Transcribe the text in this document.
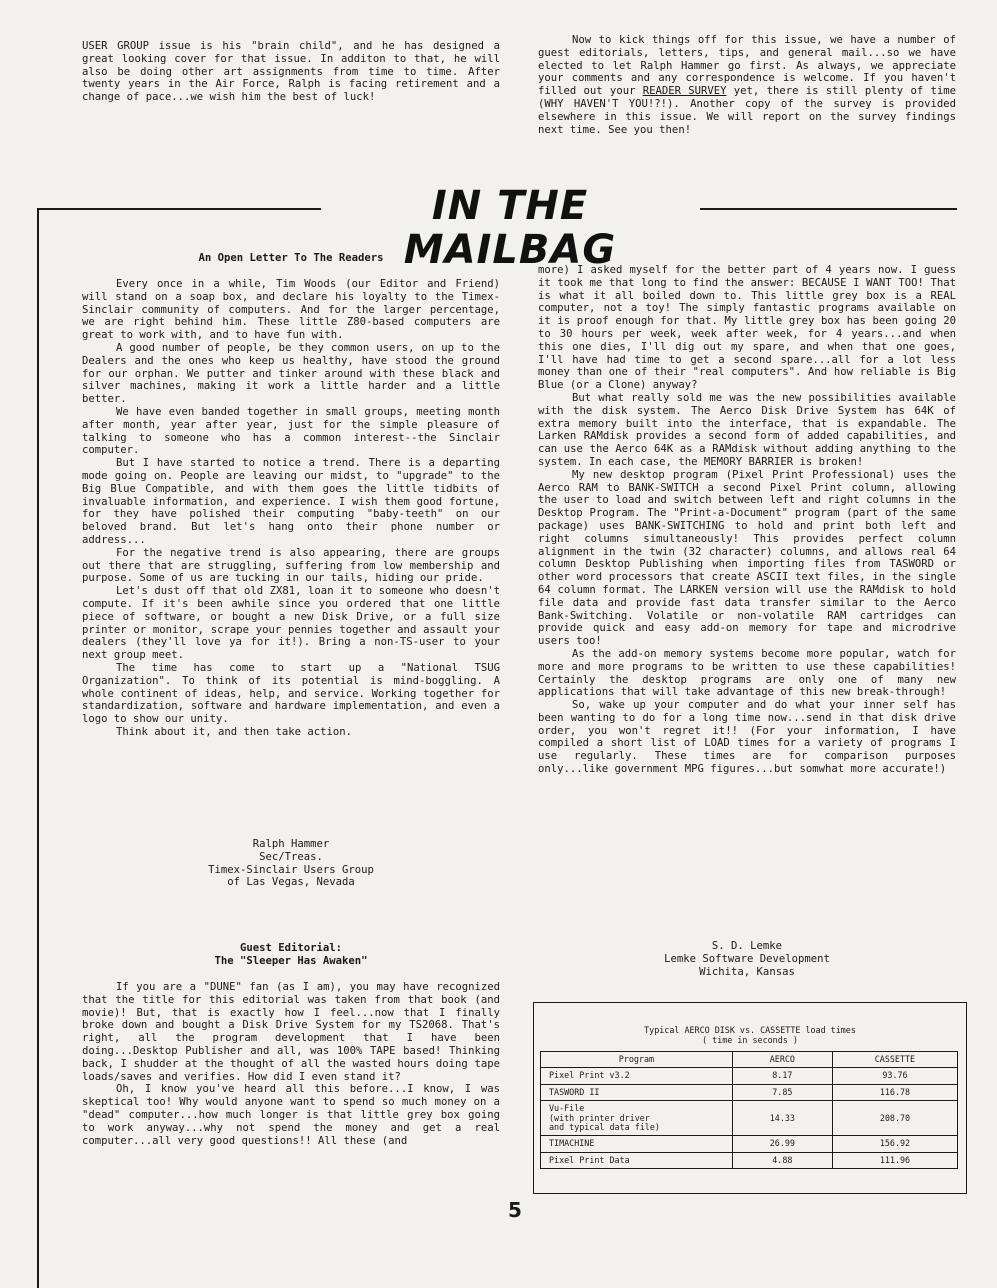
USER GROUP issue is his "brain child", and he has designed a great looking cover for that issue. In additon to that, he will also be doing other art assignments from time to time. After twenty years in the Air Force, Ralph is facing retirement and a change of pace...we wish him the best of luck!

Now to kick things off for this issue, we have a number of guest editorials, letters, tips, and general mail...so we have elected to let Ralph Hammer go first. As always, we appreciate your comments and any correspondence is welcome. If you haven't filled out your READER SURVEY yet, there is still plenty of time (WHY HAVEN'T YOU!?!). Another copy of the survey is provided elsewhere in this issue. We will report on the survey findings next time. See you then!

IN THE MAILBAG
An Open Letter To The Readers

Every once in a while, Tim Woods (our Editor and Friend) will stand on a soap box, and declare his loyalty to the Timex-Sinclair community of computers. And for the larger percentage, we are right behind him. These little Z80-based computers are great to work with, and to have fun with.

A good number of people, be they common users, on up to the Dealers and the ones who keep us healthy, have stood the ground for our orphan. We putter and tinker around with these black and silver machines, making it work a little harder and a little better.

We have even banded together in small groups, meeting month after month, year after year, just for the simple pleasure of talking to someone who has a common interest--the Sinclair computer.

But I have started to notice a trend. There is a departing mode going on. People are leaving our midst, to "upgrade" to the Big Blue Compatible, and with them goes the little tidbits of invaluable information, and experience. I wish them good fortune, for they have polished their computing "baby-teeth" on our beloved brand. But let's hang onto their phone number or address...

For the negative trend is also appearing, there are groups out there that are struggling, suffering from low membership and purpose. Some of us are tucking in our tails, hiding our pride.

Let's dust off that old ZX81, loan it to someone who doesn't compute. If it's been awhile since you ordered that one little piece of software, or bought a new Disk Drive, or a full size printer or monitor, scrape your pennies together and assault your dealers (they'll love ya for it!). Bring a non-TS-user to your next group meet.

The time has come to start up a "National TSUG Organization". To think of its potential is mind-boggling. A whole continent of ideas, help, and service. Working together for standardization, software and hardware implementation, and even a logo to show our unity.

Think about it, and then take action.

Ralph Hammer

Sec/Treas.

Timex-Sinclair Users Group

of Las Vegas, Nevada

Guest Editorial:

The "Sleeper Has Awaken"

If you are a "DUNE" fan (as I am), you may have recognized that the title for this editorial was taken from that book (and movie)! But, that is exactly how I feel...now that I finally broke down and bought a Disk Drive System for my TS2068. That's right, all the program development that I have been doing...Desktop Publisher and all, was 100% TAPE based! Thinking back, I shudder at the thought of all the wasted hours doing tape loads/saves and verifies. How did I even stand it?

Oh, I know you've heard all this before...I know, I was skeptical too! Why would anyone want to spend so much money on a "dead" computer...how much longer is that little grey box going to work anyway...why not spend the money and get a real computer...all very good questions!! All these (and

more) I asked myself for the better part of 4 years now. I guess it took me that long to find the answer: BECAUSE I WANT TOO! That is what it all boiled down to. This little grey box is a REAL computer, not a toy! The simply fantastic programs available on it is proof enough for that. My little grey box has been going 20 to 30 hours per week, week after week, for 4 years...and when this one dies, I'll dig out my spare, and when that one goes, I'll have had time to get a second spare...all for a lot less money than one of their "real computers". And how reliable is Big Blue (or a Clone) anyway?

But what really sold me was the new possibilities available with the disk system. The Aerco Disk Drive System has 64K of extra memory built into the interface, that is expandable. The Larken RAMdisk provides a second form of added capabilities, and can use the Aerco 64K as a RAMdisk without adding anything to the system. In each case, the MEMORY BARRIER is broken!

My new desktop program (Pixel Print Professional) uses the Aerco RAM to BANK-SWITCH a second Pixel Print column, allowing the user to load and switch between left and right columns in the Desktop Program. The "Print-a-Document" program (part of the same package) uses BANK-SWITCHING to hold and print both left and right columns simultaneously! This provides perfect column alignment in the twin (32 character) columns, and allows real 64 column Desktop Publishing when importing files from TASWORD or other word processors that create ASCII text files, in the single 64 column format. The LARKEN version will use the RAMdisk to hold file data and provide fast data transfer similar to the Aerco Bank-Switching. Volatile or non-volatile RAM cartridges can provide quick and easy add-on memory for tape and microdrive users too!

As the add-on memory systems become more popular, watch for more and more programs to be written to use these capabilities! Certainly the desktop programs are only one of many new applications that will take advantage of this new break-through!

So, wake up your computer and do what your inner self has been wanting to do for a long time now...send in that disk drive order, you won't regret it!! (For your information, I have compiled a short list of LOAD times for a variety of programs I use regularly. These times are for comparison purposes only...like government MPG figures...but somwhat more accurate!)

S. D. Lemke

Lemke Software Development

Wichita, Kansas

Typical AERCO DISK vs. CASSETTE load times
( time in seconds )
Program	AERCO	CASSETTE
Pixel Print v3.2	8.17	93.76
TASWORD II	7.85	116.78
Vu-File
(with printer driver
and typical data file)	14.33	208.70
TIMACHINE	26.99	156.92
Pixel Print Data	4.88	111.96
5
